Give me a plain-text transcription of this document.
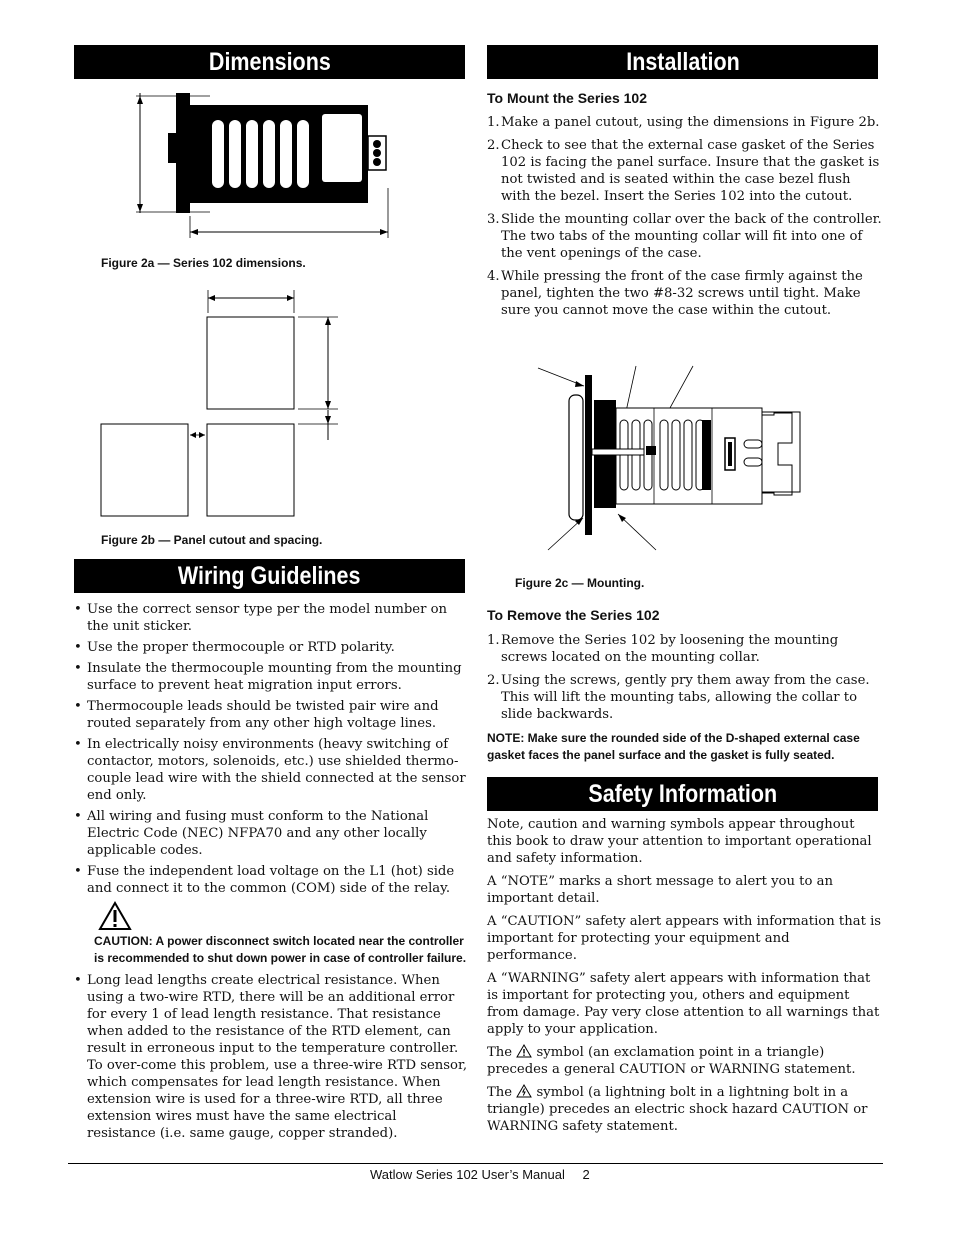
Dimensions
Figure 2a — Series 102 dimensions.
Figure 2b — Panel cutout and spacing.
Wiring Guidelines
• Use the correct sensor type per the model number on the unit sticker.
• Use the proper thermocouple or RTD polarity.
• Insulate the thermocouple mounting from the mounting surface to prevent heat migration input errors.
• Thermocouple leads should be twisted pair wire and routed separately from any other high voltage lines.
• In electrically noisy environments (heavy switching of contactor, motors, solenoids, etc.) use shielded thermo-couple lead wire with the shield connected at the sensor end only.
• All wiring and fusing must conform to the National Electric Code (NEC) NFPA70 and any other locally applicable codes.
• Fuse the independent load voltage on the L1 (hot) side and connect it to the common (COM) side of the relay.
CAUTION: A power disconnect switch located near the controller is recommended to shut down power in case of controller failure.
• Long lead lengths create electrical resistance. When using a two-wire RTD, there will be an additional error for every 1 of lead length resistance. That resistance when added to the resistance of the RTD element, can result in erroneous input to the temperature controller. To over-come this problem, use a three-wire RTD sensor, which compensates for lead length resistance. When extension wire is used for a three-wire RTD, all three extension wires must have the same electrical resistance (i.e. same gauge, copper stranded).
Installation
To Mount the Series 102
1. Make a panel cutout, using the dimensions in Figure 2b.
2. Check to see that the external case gasket of the Series 102 is facing the panel surface. Insure that the gasket is not twisted and is seated within the case bezel flush with the bezel. Insert the Series 102 into the cutout.
3. Slide the mounting collar over the back of the controller. The two tabs of the mounting collar will fit into one of the vent openings of the case.
4. While pressing the front of the case firmly against the panel, tighten the two #8-32 screws until tight. Make sure you cannot move the case within the cutout.
Figure 2c — Mounting.
To Remove the Series 102
1. Remove the Series 102 by loosening the mounting screws located on the mounting collar.
2. Using the screws, gently pry them away from the case. This will lift the mounting tabs, allowing the collar to slide backwards.
NOTE: Make sure the rounded side of the D-shaped external case gasket faces the panel surface and the gasket is fully seated.
Safety Information

Note, caution and warning symbols appear throughout this book to draw your attention to important operational and safety information.

A “NOTE” marks a short message to alert you to an important detail.

A “CAUTION” safety alert appears with information that is important for protecting your equipment and performance.

A “WARNING” safety alert appears with information that is important for protecting you, others and equipment from damage. Pay very close attention to all warnings that apply to your application.

The symbol (an exclamation point in a triangle) precedes a general CAUTION or WARNING statement.

The symbol (a lightning bolt in a lightning bolt in a triangle) precedes an electric shock hazard CAUTION or WARNING safety statement.

Watlow Series 102 User’s Manual 2
